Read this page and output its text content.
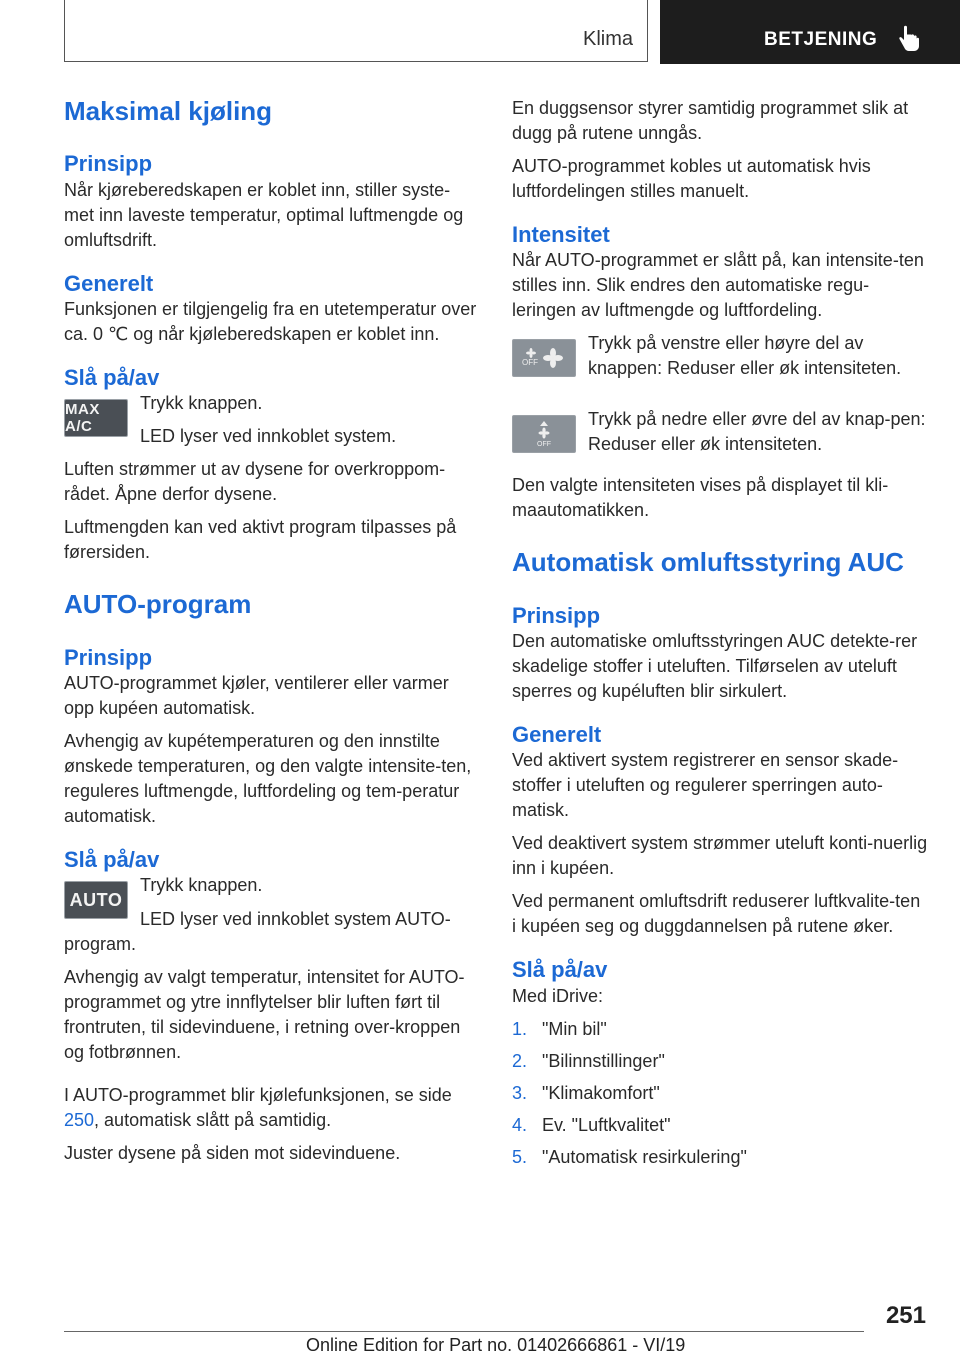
Klima	BETJENING
Maksimal kjøling
Prinsipp

Når kjøreberedskapen er koblet inn, stiller syste-met inn laveste temperatur, optimal luftmengde og omluftsdrift.

Generelt

Funksjonen er tilgjengelig fra en utetemperatur over ca. 0 ℃ og når kjøleberedskapen er koblet inn.

Slå på/av
MAX A/C

Trykk knappen.

LED lyser ved innkoblet system.

Luften strømmer ut av dysene for overkroppom-rådet. Åpne derfor dysene.

Luftmengden kan ved aktivt program tilpasses på førersiden.

AUTO-program
Prinsipp

AUTO-programmet kjøler, ventilerer eller varmer opp kupéen automatisk.

Avhengig av kupétemperaturen og den innstilte ønskede temperaturen, og den valgte intensite-ten, reguleres luftmengde, luftfordeling og tem-peratur automatisk.

Slå på/av
AUTO

Trykk knappen.

LED lyser ved innkoblet system AUTO-program.

Avhengig av valgt temperatur, intensitet for AUTO-programmet og ytre innflytelser blir luften ført til frontruten, til sidevinduene, i retning over-kroppen og fotbrønnen.

I AUTO-programmet blir kjølefunksjonen, se side 250, automatisk slått på samtidig.

Juster dysene på siden mot sidevinduene.

En duggsensor styrer samtidig programmet slik at dugg på rutene unngås.

AUTO-programmet kobles ut automatisk hvis luftfordelingen stilles manuelt.

Intensitet

Når AUTO-programmet er slått på, kan intensite-ten stilles inn. Slik endres den automatiske regu-leringen av luftmengde og luftfordeling.

OFF

Trykk på venstre eller høyre del av knappen: Reduser eller øk intensiteten.

OFF

Trykk på nedre eller øvre del av knap-pen: Reduser eller øk intensiteten.

Den valgte intensiteten vises på displayet til kli-maautomatikken.

Automatisk omluftsstyring AUC
Prinsipp

Den automatiske omluftsstyringen AUC detekte-rer skadelige stoffer i uteluften. Tilførselen av uteluft sperres og kupéluften blir sirkulert.

Generelt

Ved aktivert system registrerer en sensor skade-stoffer i uteluften og regulerer sperringen auto-matisk.

Ved deaktivert system strømmer uteluft konti-nuerlig inn i kupéen.

Ved permanent omluftsdrift reduserer luftkvalite-ten i kupéen seg og duggdannelsen på rutene øker.

Slå på/av

Med iDrive:

1. "Min bil"
2. "Bilinnstillinger"
3. "Klimakomfort"
4. Ev. "Luftkvalitet"
5. "Automatisk resirkulering"
251
Online Edition for Part no. 01402666861 - VI/19
